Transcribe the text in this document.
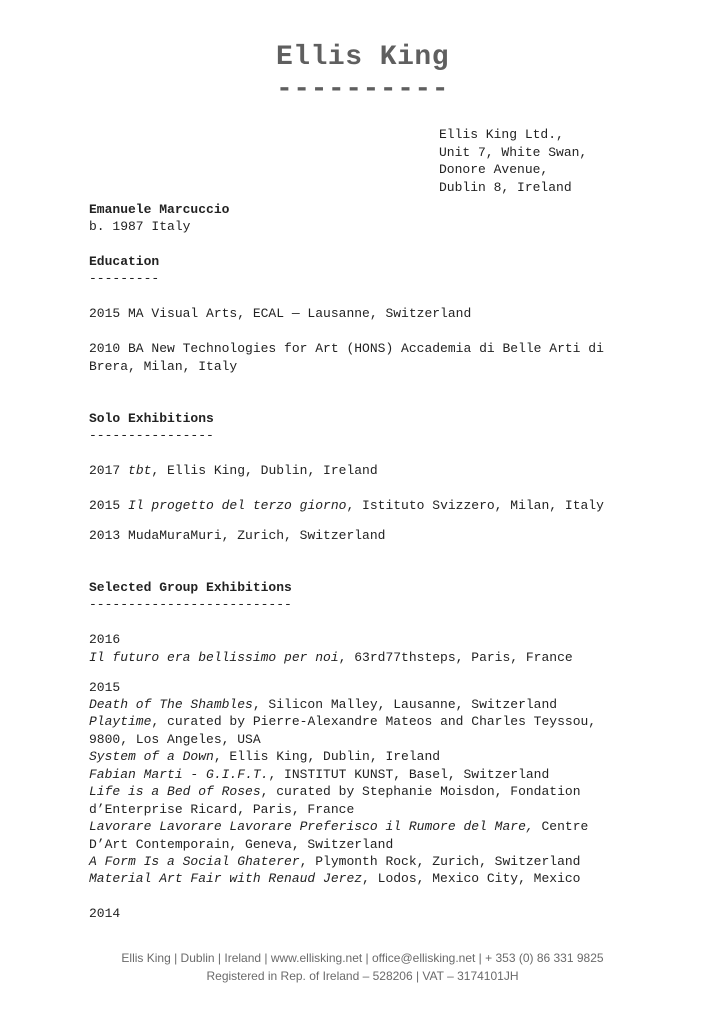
Ellis King
----------
Ellis King Ltd.,
Unit 7, White Swan,
Donore Avenue,
Dublin 8, Ireland
Emanuele Marcuccio
b. 1987 Italy
Education
---------
2015 MA Visual Arts, ECAL — Lausanne, Switzerland
2010 BA New Technologies for Art (HONS) Accademia di Belle Arti di Brera, Milan, Italy
Solo Exhibitions
----------------
2017 tbt, Ellis King, Dublin, Ireland
2015 Il progetto del terzo giorno, Istituto Svizzero, Milan, Italy
2013 MudaMuraMuri, Zurich, Switzerland
Selected Group Exhibitions
--------------------------
2016
Il futuro era bellissimo per noi, 63rd77thsteps, Paris, France
2015
Death of The Shambles, Silicon Malley, Lausanne, Switzerland
Playtime, curated by Pierre-Alexandre Mateos and Charles Teyssou, 9800, Los Angeles, USA
System of a Down, Ellis King, Dublin, Ireland
Fabian Marti - G.I.F.T., INSTITUT KUNST, Basel, Switzerland
Life is a Bed of Roses, curated by Stephanie Moisdon, Fondation d’Enterprise Ricard, Paris, France
Lavorare Lavorare Lavorare Preferisco il Rumore del Mare, Centre D’Art Contemporain, Geneva, Switzerland
A Form Is a Social Ghaterer, Plymonth Rock, Zurich, Switzerland
Material Art Fair with Renaud Jerez, Lodos, Mexico City, Mexico
2014
Ellis King | Dublin | Ireland | www.ellisking.net | office@ellisking.net | + 353 (0) 86 331 9825
Registered in Rep. of Ireland – 528206 | VAT – 3174101JH
